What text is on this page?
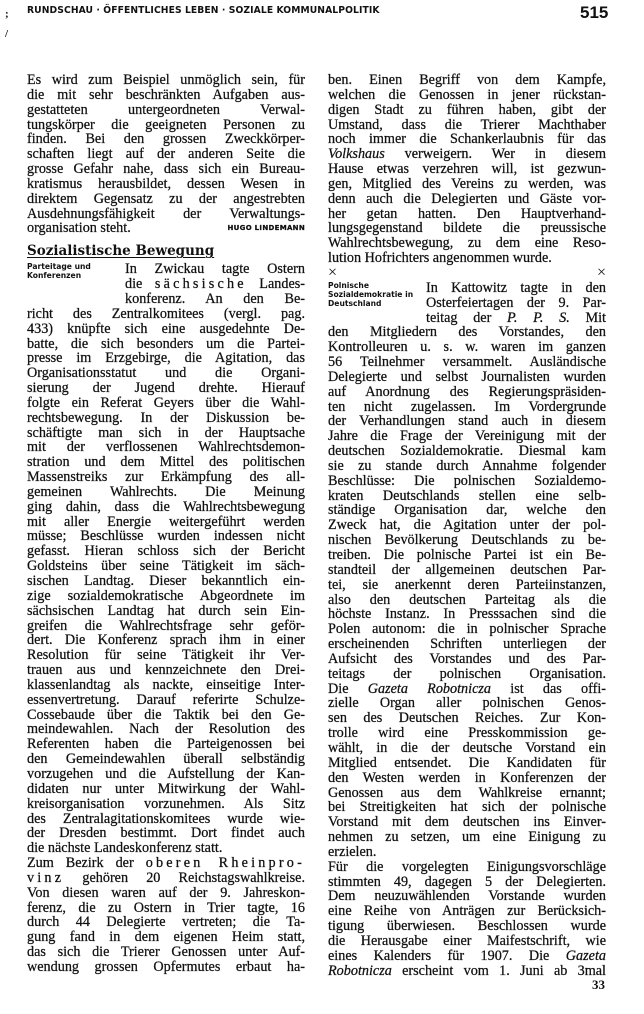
;
/
RUNDSCHAU · ÖFFENTLICHES LEBEN · SOZIALE KOMMUNALPOLITIK	515
Es wird zum Beispiel unmöglich sein, für
die mit sehr beschränkten Aufgaben aus-
gestatteten untergeordneten Verwal-
tungskörper die geeigneten Personen zu
finden. Bei den grossen Zweckkörper-
schaften liegt auf der anderen Seite die
grosse Gefahr nahe, dass sich ein Bureau-
kratismus herausbildet, dessen Wesen in
direktem Gegensatz zu der angestrebten
Ausdehnungsfähigkeit der Verwaltungs-
organisation steht.	HUGO LINDEMANN
Sozialistische Bewegung
Parteitage und Konferenzen	In Zwickau tagte Ostern
die sächsische Landes-
konferenz. An den Be-
richt des Zentralkomitees (vergl. pag.
433) knüpfte sich eine ausgedehnte De-
batte, die sich besonders um die Partei-
presse im Erzgebirge, die Agitation, das
Organisationsstatut und die Organi-
sierung der Jugend drehte. Hierauf
folgte ein Referat Geyers über die Wahl-
rechtsbewegung. In der Diskussion be-
schäftigte man sich in der Hauptsache
mit der verflossenen Wahlrechtsdemon-
stration und dem Mittel des politischen
Massenstreiks zur Erkämpfung des all-
gemeinen Wahlrechts. Die Meinung
ging dahin, dass die Wahlrechtsbewegung
mit aller Energie weitergeführt werden
müsse; Beschlüsse wurden indessen nicht
gefasst. Hieran schloss sich der Bericht
Goldsteins über seine Tätigkeit im säch-
sischen Landtag. Dieser bekanntlich ein-
zige sozialdemokratische Abgeordnete im
sächsischen Landtag hat durch sein Ein-
greifen die Wahlrechtsfrage sehr geför-
dert. Die Konferenz sprach ihm in einer
Resolution für seine Tätigkeit ihr Ver-
trauen aus und kennzeichnete den Drei-
klassenlandtag als nackte, einseitige Inter-
essenvertretung. Darauf referirte Schulze-
Cossebaude über die Taktik bei den Ge-
meindewahlen. Nach der Resolution des
Referenten haben die Parteigenossen bei
den Gemeindewahlen überall selbständig
vorzugehen und die Aufstellung der Kan-
didaten nur unter Mitwirkung der Wahl-
kreisorganisation vorzunehmen. Als Sitz
des Zentralagitationskomitees wurde wie-
der Dresden bestimmt. Dort findet auch
die nächste Landeskonferenz statt.
Zum Bezirk der oberen Rheinpro-
vinz gehören 20 Reichstagswahlkreise.
Von diesen waren auf der 9. Jahreskon-
ferenz, die zu Ostern in Trier tagte, 16
durch 44 Delegierte vertreten; die Ta-
gung fand in dem eigenen Heim statt,
das sich die Trierer Genossen unter Auf-
wendung grossen Opfermutes erbaut ha-
ben. Einen Begriff von dem Kampfe,
welchen die Genossen in jener rückstan-
digen Stadt zu führen haben, gibt der
Umstand, dass die Trierer Machthaber
noch immer die Schankerlaubnis für das
Volkshaus verweigern. Wer in diesem
Hause etwas verzehren will, ist gezwun-
gen, Mitglied des Vereins zu werden, was
denn auch die Delegierten und Gäste vor-
her getan hatten. Den Hauptverhand-
lungsgegenstand bildete die preussische
Wahlrechtsbewegung, zu dem eine Reso-
lution Hofrichters angenommen wurde.
×	×
Polnische Sozialdemokratie in Deutschland
In Kattowitz tagte in den
Osterfeiertagen der 9. Par-
teitag der P. P. S. Mit
den Mitgliedern des Vorstandes, den
Kontrolleuren u. s. w. waren im ganzen
56 Teilnehmer versammelt. Ausländische
Delegierte und selbst Journalisten wurden
auf Anordnung des Regierungspräsiden-
ten nicht zugelassen. Im Vordergrunde
der Verhandlungen stand auch in diesem
Jahre die Frage der Vereinigung mit der
deutschen Sozialdemokratie. Diesmal kam
sie zu stande durch Annahme folgender
Beschlüsse: Die polnischen Sozialdemo-
kraten Deutschlands stellen eine selb-
ständige Organisation dar, welche den
Zweck hat, die Agitation unter der pol-
nischen Bevölkerung Deutschlands zu be-
treiben. Die polnische Partei ist ein Be-
standteil der allgemeinen deutschen Par-
tei, sie anerkennt deren Parteiinstanzen,
also den deutschen Parteitag als die
höchste Instanz. In Presssachen sind die
Polen autonom: die in polnischer Sprache
erscheinenden Schriften unterliegen der
Aufsicht des Vorstandes und des Par-
teitags der polnischen Organisation.
Die Gazeta Robotnicza ist das offi-
zielle Organ aller polnischen Genos-
sen des Deutschen Reiches. Zur Kon-
trolle wird eine Presskommission ge-
wählt, in die der deutsche Vorstand ein
Mitglied entsendet. Die Kandidaten für
den Westen werden in Konferenzen der
Genossen aus dem Wahlkreise ernannt;
bei Streitigkeiten hat sich der polnische
Vorstand mit dem deutschen ins Einver-
nehmen zu setzen, um eine Einigung zu
erzielen.
Für die vorgelegten Einigungsvorschläge
stimmten 49, dagegen 5 der Delegierten.
Dem neuzuwählenden Vorstande wurden
eine Reihe von Anträgen zur Berücksich-
tigung überwiesen. Beschlossen wurde
die Herausgabe einer Maifestschrift, wie
eines Kalenders für 1907. Die Gazeta
Robotnicza erscheint vom 1. Juni ab 3mal
33
